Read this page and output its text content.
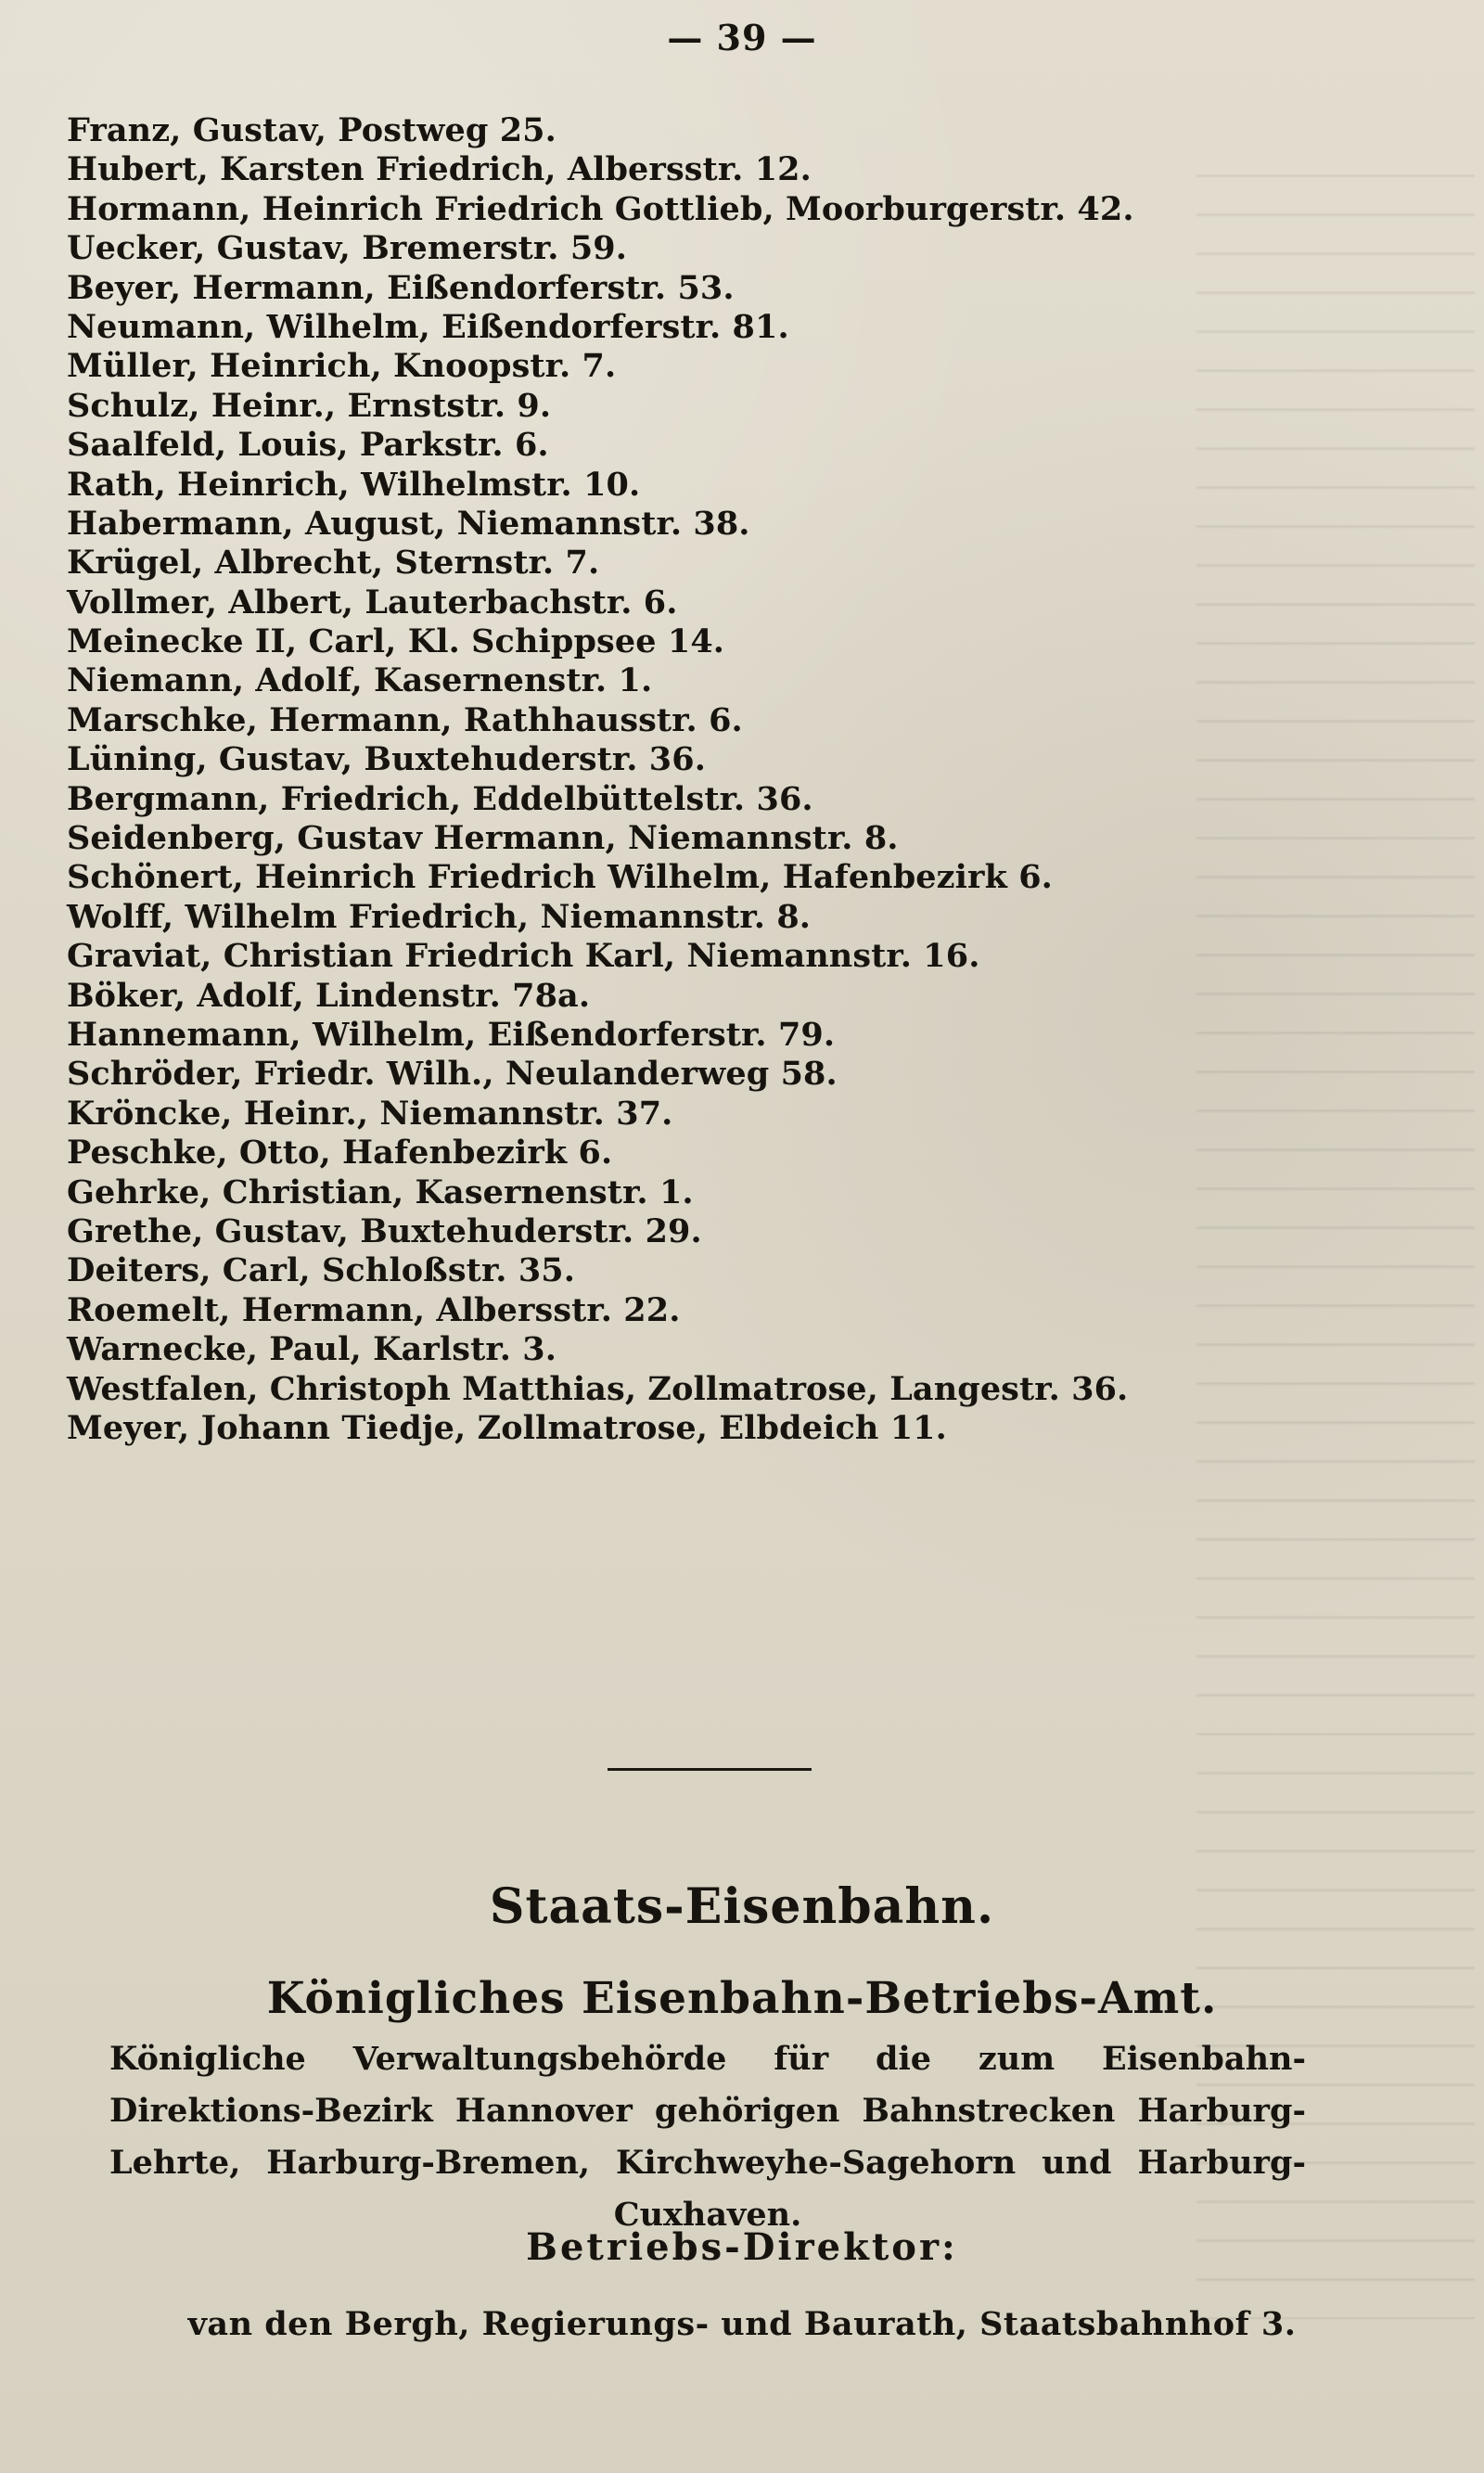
— 39 —
Franz, Gustav, Postweg 25.
Hubert, Karsten Friedrich, Albersstr. 12.
Hormann, Heinrich Friedrich Gottlieb, Moorburgerstr. 42.
Uecker, Gustav, Bremerstr. 59.
Beyer, Hermann, Eißendorferstr. 53.
Neumann, Wilhelm, Eißendorferstr. 81.
Müller, Heinrich, Knoopstr. 7.
Schulz, Heinr., Ernststr. 9.
Saalfeld, Louis, Parkstr. 6.
Rath, Heinrich, Wilhelmstr. 10.
Habermann, August, Niemannstr. 38.
Krügel, Albrecht, Sternstr. 7.
Vollmer, Albert, Lauterbachstr. 6.
Meinecke II, Carl, Kl. Schippsee 14.
Niemann, Adolf, Kasernenstr. 1.
Marschke, Hermann, Rathhausstr. 6.
Lüning, Gustav, Buxtehuderstr. 36.
Bergmann, Friedrich, Eddelbüttelstr. 36.
Seidenberg, Gustav Hermann, Niemannstr. 8.
Schönert, Heinrich Friedrich Wilhelm, Hafenbezirk 6.
Wolff, Wilhelm Friedrich, Niemannstr. 8.
Graviat, Christian Friedrich Karl, Niemannstr. 16.
Böker, Adolf, Lindenstr. 78a.
Hannemann, Wilhelm, Eißendorferstr. 79.
Schröder, Friedr. Wilh., Neulanderweg 58.
Kröncke, Heinr., Niemannstr. 37.
Peschke, Otto, Hafenbezirk 6.
Gehrke, Christian, Kasernenstr. 1.
Grethe, Gustav, Buxtehuderstr. 29.
Deiters, Carl, Schloßstr. 35.
Roemelt, Hermann, Albersstr. 22.
Warnecke, Paul, Karlstr. 3.
Westfalen, Christoph Matthias, Zollmatrose, Langestr. 36.
Meyer, Johann Tiedje, Zollmatrose, Elbdeich 11.
Staats-Eisenbahn.
Königliches Eisenbahn-Betriebs-Amt.
Königliche Verwaltungsbehörde für die zum Eisenbahn-Direktions-Bezirk Hannover gehörigen Bahnstrecken Harburg-Lehrte, Harburg-Bremen, Kirchweyhe-Sagehorn und Harburg-Cuxhaven.
Betriebs-Direktor:
van den Bergh, Regierungs- und Baurath, Staatsbahnhof 3.
